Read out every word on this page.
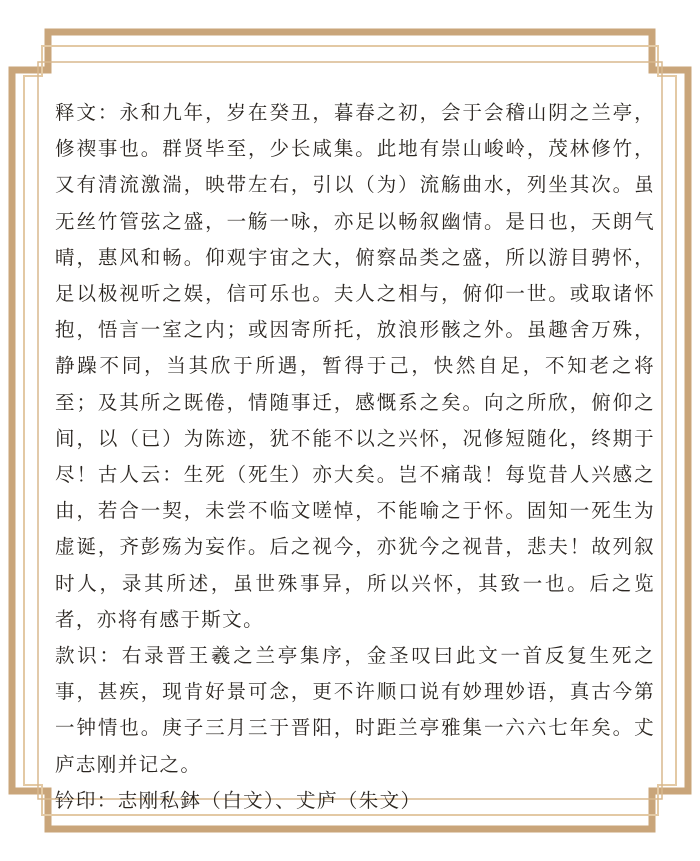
释文：永和九年，岁在癸丑，暮春之初，会于会稽山阴之兰亭，修禊事也。群贤毕至，少长咸集。此地有崇山峻岭，茂林修竹，又有清流激湍，映带左右，引以（为）流觞曲水，列坐其次。虽无丝竹管弦之盛，一觞一咏，亦足以畅叙幽情。是日也，天朗气晴，惠风和畅。仰观宇宙之大，俯察品类之盛，所以游目骋怀，足以极视听之娱，信可乐也。夫人之相与，俯仰一世。或取诸怀抱，悟言一室之内；或因寄所托，放浪形骸之外。虽趣舍万殊，静躁不同，当其欣于所遇，暂得于己，快然自足，不知老之将至；及其所之既倦，情随事迁，感慨系之矣。向之所欣，俯仰之间，以（已）为陈迹，犹不能不以之兴怀，况修短随化，终期于尽！古人云：生死（死生）亦大矣。岂不痛哉！每览昔人兴感之由，若合一契，未尝不临文嗟悼，不能喻之于怀。固知一死生为虚诞，齐彭殇为妄作。后之视今，亦犹今之视昔，悲夫！故列叙时人，录其所述，虽世殊事异，所以兴怀，其致一也。后之览者，亦将有感于斯文。

款识：右录晋王羲之兰亭集序，金圣叹曰此文一首反复生死之事，甚疾，现肯好景可念，更不许顺口说有妙理妙语，真古今第一钟情也。庚子三月三于晋阳，时距兰亭雅集一六六七年矣。𠀋庐志刚并记之。

钤印：志刚私鉢（白文）、𠀋庐（朱文）
